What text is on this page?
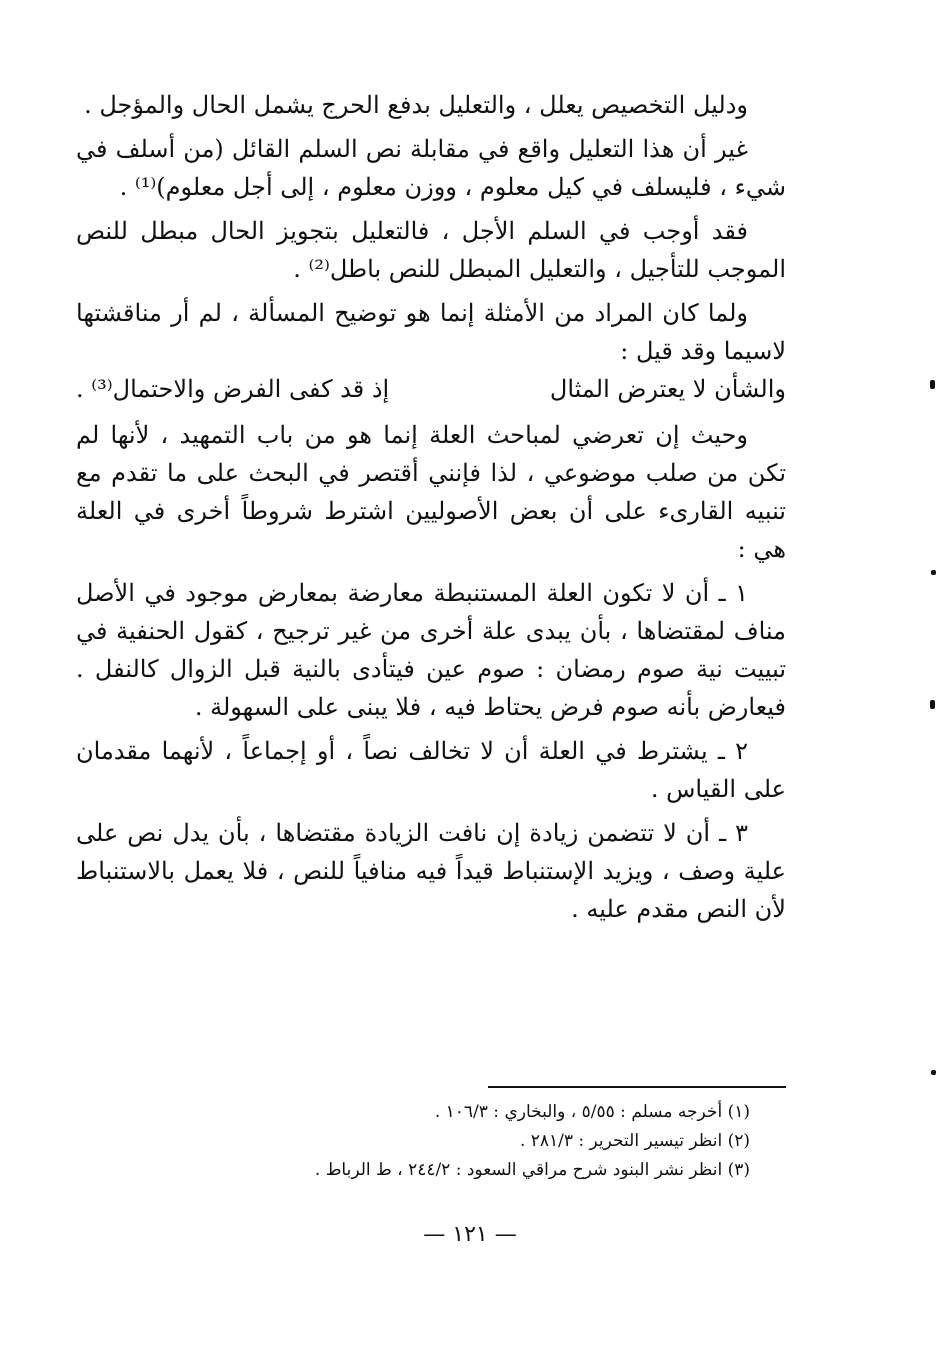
ودليل التخصيص يعلل ، والتعليل بدفع الحرج يشمل الحال والمؤجل .

غير أن هذا التعليل واقع في مقابلة نص السلم القائل (من أسلف في شيء ، فليسلف في كيل معلوم ، ووزن معلوم ، إلى أجل معلوم)⁽¹⁾ .

فقد أوجب في السلم الأجل ، فالتعليل بتجويز الحال مبطل للنص الموجب للتأجيل ، والتعليل المبطل للنص باطل⁽²⁾ .

ولما كان المراد من الأمثلة إنما هو توضيح المسألة ، لم أر مناقشتها لاسيما وقد قيل :

والشأن لا يعترض المثال
إذ قد كفى الفرض والاحتمال⁽³⁾ .

وحيث إن تعرضي لمباحث العلة إنما هو من باب التمهيد ، لأنها لم تكن من صلب موضوعي ، لذا فإنني أقتصر في البحث على ما تقدم مع تنبيه القارىء على أن بعض الأصوليين اشترط شروطاً أخرى في العلة هي :

١ ـ أن لا تكون العلة المستنبطة معارضة بمعارض موجود في الأصل مناف لمقتضاها ، بأن يبدى علة أخرى من غير ترجيح ، كقول الحنفية في تبييت نية صوم رمضان : صوم عين فيتأدى بالنية قبل الزوال كالنفل . فيعارض بأنه صوم فرض يحتاط فيه ، فلا يبنى على السهولة .

٢ ـ يشترط في العلة أن لا تخالف نصاً ، أو إجماعاً ، لأنهما مقدمان على القياس .

٣ ـ أن لا تتضمن زيادة إن نافت الزيادة مقتضاها ، بأن يدل نص على علية وصف ، ويزيد الإستنباط قيداً فيه منافياً للنص ، فلا يعمل بالاستنباط لأن النص مقدم عليه .

(١) أخرجه مسلم : ٥/٥٥ ، والبخاري : ١٠٦/٣ .

(٢) انظر تيسير التحرير : ٢٨١/٣ .

(٣) انظر نشر البنود شرح مراقي السعود : ٢٤٤/٢ ، ط الرباط .

— ١٢١ —
